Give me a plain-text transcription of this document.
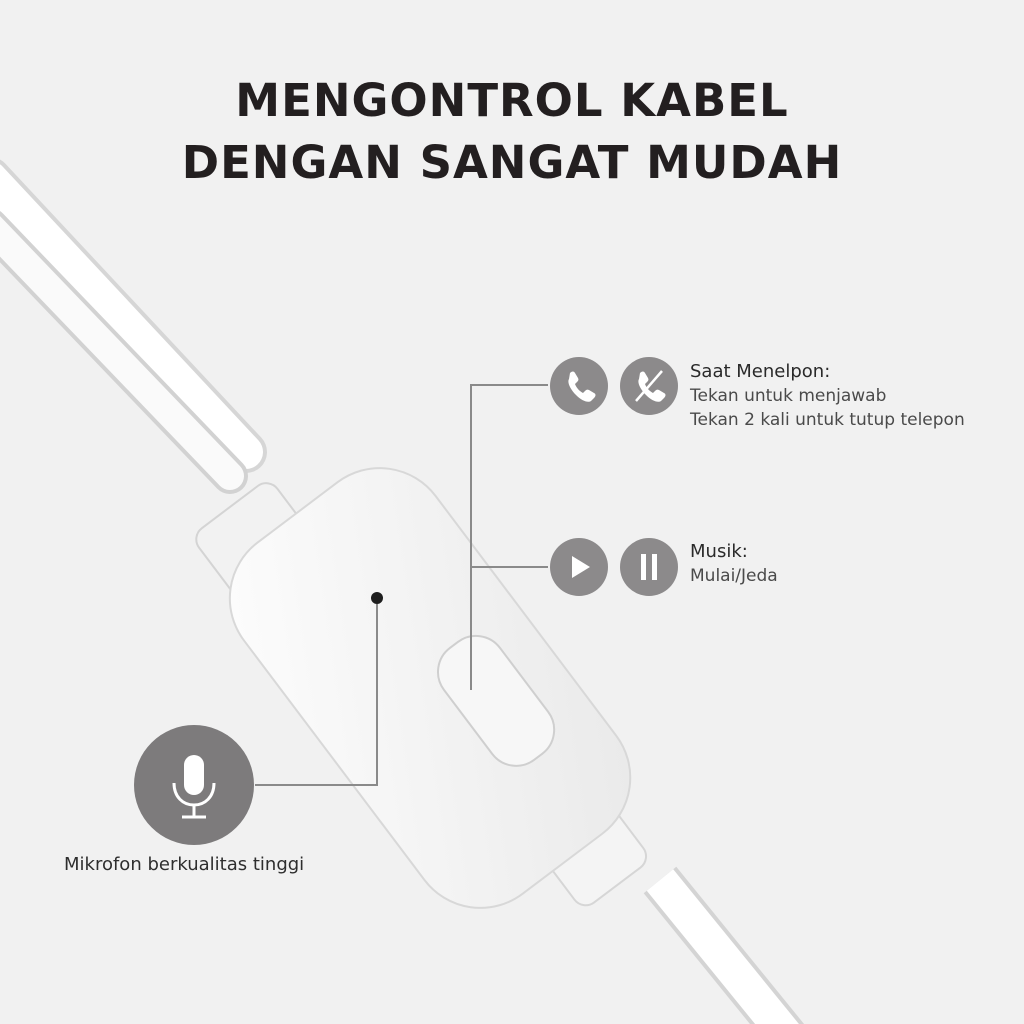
MENGONTROL KABEL
DENGAN SANGAT MUDAH
Saat Menelpon:
Tekan untuk menjawab
Tekan 2 kali untuk tutup telepon
Musik:
Mulai/Jeda
Mikrofon berkualitas tinggi
